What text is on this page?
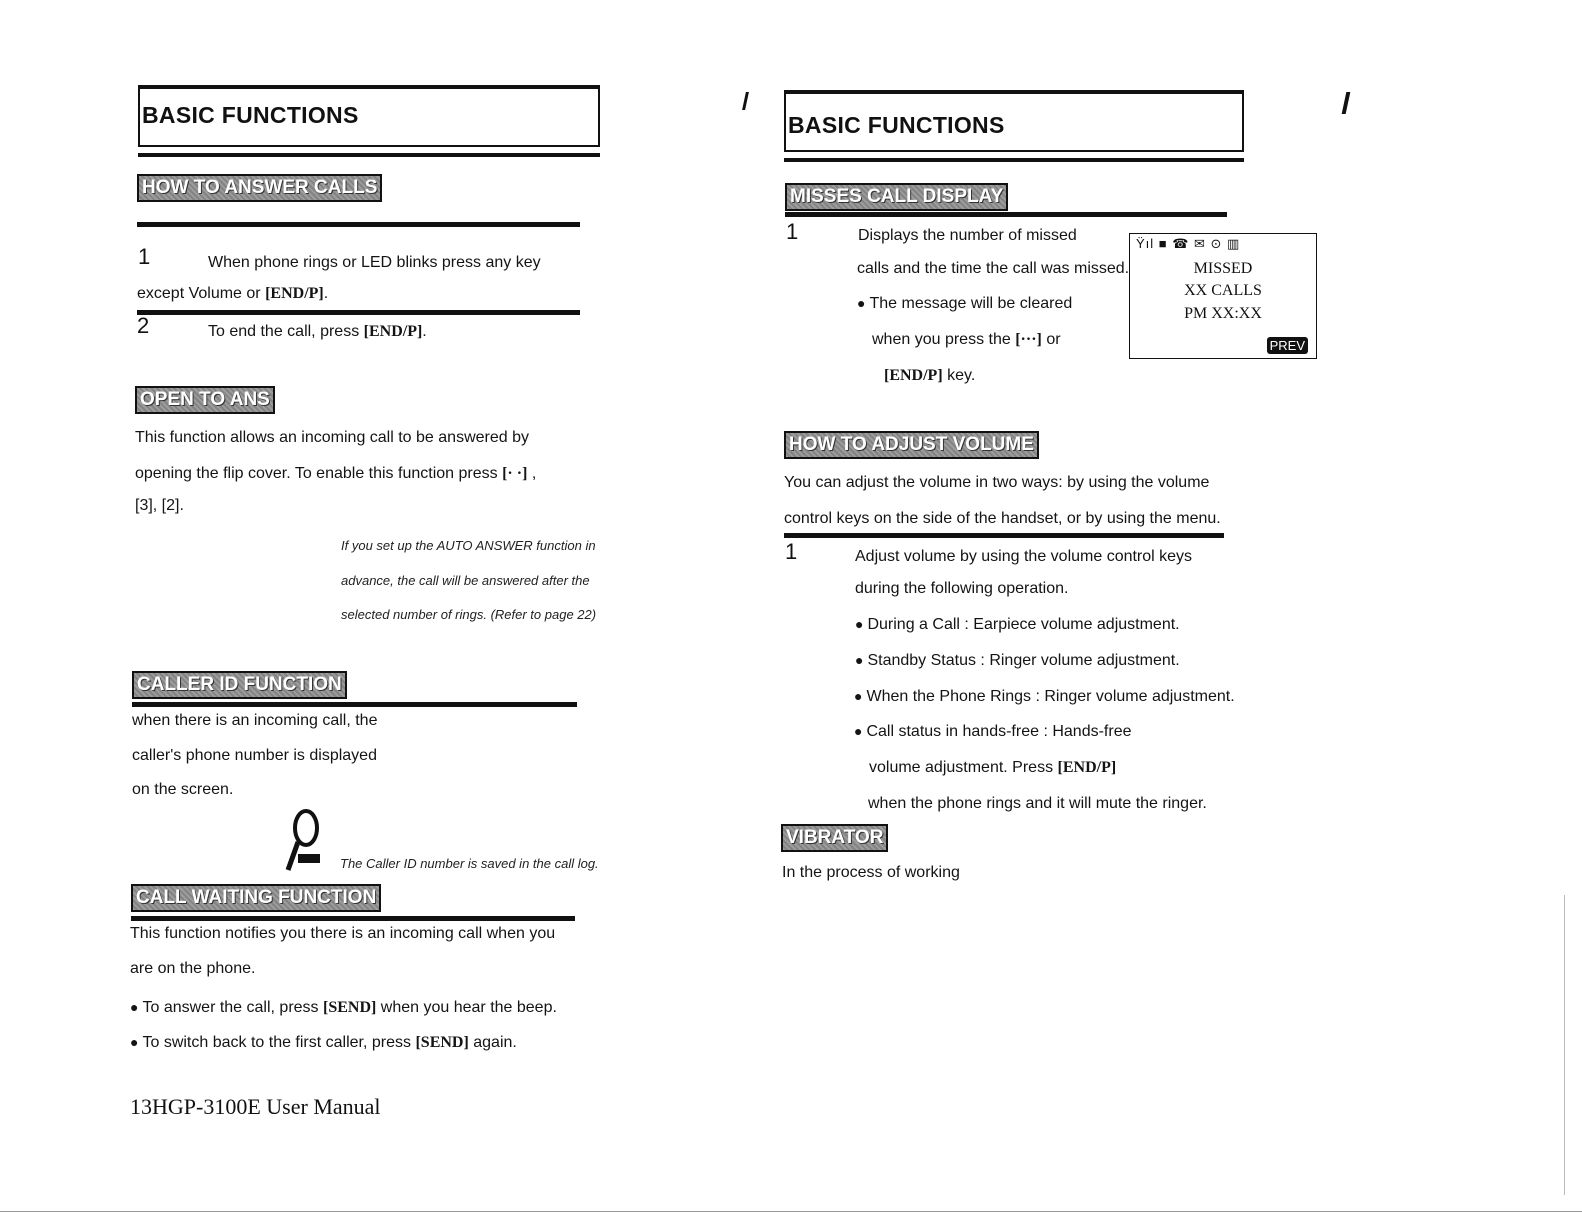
BASIC FUNCTIONS
HOW TO ANSWER CALLS
1	When phone rings or LED blinks press any key
except Volume or [END/P].
2	To end the call, press [END/P].
OPEN TO ANS
This function allows an incoming call to be answered by
opening the flip cover. To enable this function press [· ·] ,
[3], [2].
If you set up the AUTO ANSWER function in
advance, the call will be answered after the
selected number of rings. (Refer to page 22)
CALLER ID FUNCTION
when there is an incoming call, the
caller's phone number is displayed
on the screen.
The Caller ID number is saved in the call log.
CALL WAITING FUNCTION
This function notifies you there is an incoming call when you
are on the phone.
● To answer the call, press [SEND] when you hear the beep.
● To switch back to the first caller, press [SEND] again.
13HGP-3100E User Manual
BASIC FUNCTIONS
MISSES CALL DISPLAY
1	Displays the number of missed
calls and the time the call was missed.
● The message will be cleared
when you press the [···] or
[END/P] key.
Ÿıl ■ ☎ ✉ ⊙ ▥
MISSED
XX CALLS
PM XX:XX
PREV
HOW TO ADJUST VOLUME
You can adjust the volume in two ways: by using the volume
control keys on the side of the handset, or by using the menu.
1	Adjust volume by using the volume control keys
during the following operation.
● During a Call : Earpiece volume adjustment.
● Standby Status : Ringer volume adjustment.
● When the Phone Rings : Ringer volume adjustment.
● Call status in hands-free : Hands-free
volume adjustment. Press [END/P]
when the phone rings and it will mute the ringer.
VIBRATOR
In the process of working
